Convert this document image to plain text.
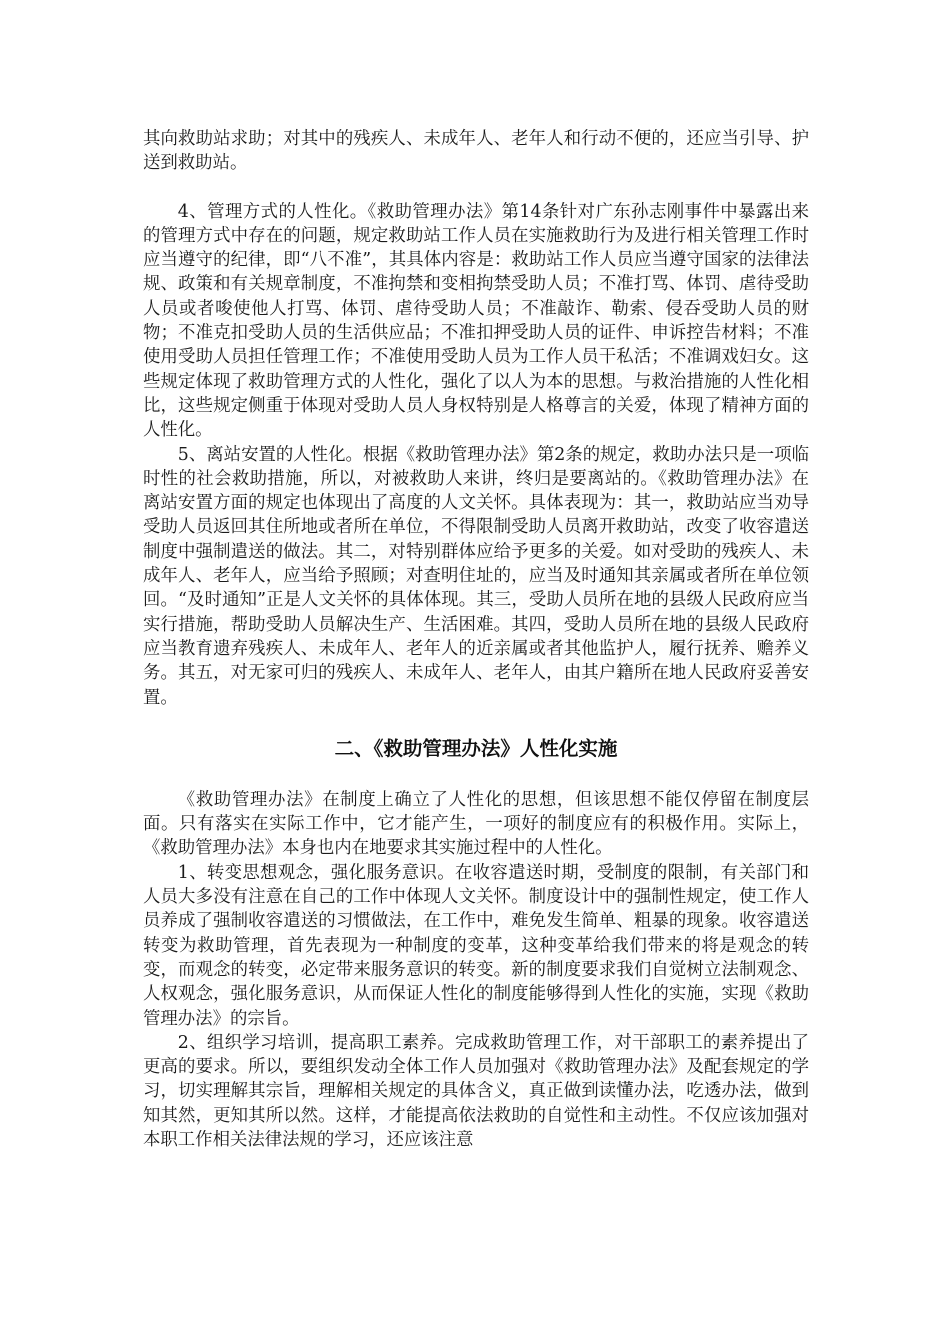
其向救助站求助；对其中的残疾人、未成年人、老年人和行动不便的，还应当引导、护送到救助站。

4、管理方式的人性化。《救助管理办法》第14条针对广东孙志刚事件中暴露出来的管理方式中存在的问题，规定救助站工作人员在实施救助行为及进行相关管理工作时应当遵守的纪律，即“八不准”，其具体内容是：救助站工作人员应当遵守国家的法律法规、政策和有关规章制度，不准拘禁和变相拘禁受助人员；不准打骂、体罚、虐待受助人员或者唆使他人打骂、体罚、虐待受助人员；不准敲诈、勒索、侵吞受助人员的财物；不准克扣受助人员的生活供应品；不准扣押受助人员的证件、申诉控告材料；不准使用受助人员担任管理工作；不准使用受助人员为工作人员干私活；不准调戏妇女。这些规定体现了救助管理方式的人性化，强化了以人为本的思想。与救治措施的人性化相比，这些规定侧重于体现对受助人员人身权特别是人格尊言的关爱，体现了精神方面的人性化。

5、离站安置的人性化。根据《救助管理办法》第2条的规定，救助办法只是一项临时性的社会救助措施，所以，对被救助人来讲，终归是要离站的。《救助管理办法》在离站安置方面的规定也体现出了高度的人文关怀。具体表现为：其一，救助站应当劝导受助人员返回其住所地或者所在单位，不得限制受助人员离开救助站，改变了收容遣送制度中强制遣送的做法。其二，对特别群体应给予更多的关爱。如对受助的残疾人、未成年人、老年人，应当给予照顾；对查明住址的，应当及时通知其亲属或者所在单位领回。“及时通知”正是人文关怀的具体体现。其三，受助人员所在地的县级人民政府应当实行措施，帮助受助人员解决生产、生活困难。其四，受助人员所在地的县级人民政府应当教育遗弃残疾人、未成年人、老年人的近亲属或者其他监护人，履行抚养、赡养义务。其五，对无家可归的残疾人、未成年人、老年人，由其户籍所在地人民政府妥善安置。

二、《救助管理办法》人性化实施

《救助管理办法》在制度上确立了人性化的思想，但该思想不能仅停留在制度层面。只有落实在实际工作中，它才能产生，一项好的制度应有的积极作用。实际上，《救助管理办法》本身也内在地要求其实施过程中的人性化。

1、转变思想观念，强化服务意识。在收容遣送时期，受制度的限制，有关部门和人员大多没有注意在自己的工作中体现人文关怀。制度设计中的强制性规定，使工作人员养成了强制收容遣送的习惯做法，在工作中，难免发生简单、粗暴的现象。收容遣送转变为救助管理，首先表现为一种制度的变革，这种变革给我们带来的将是观念的转变，而观念的转变，必定带来服务意识的转变。新的制度要求我们自觉树立法制观念、人权观念，强化服务意识，从而保证人性化的制度能够得到人性化的实施，实现《救助管理办法》的宗旨。

2、组织学习培训，提高职工素养。完成救助管理工作，对干部职工的素养提出了更高的要求。所以，要组织发动全体工作人员加强对《救助管理办法》及配套规定的学习，切实理解其宗旨，理解相关规定的具体含义，真正做到读懂办法，吃透办法，做到知其然，更知其所以然。这样，才能提高依法救助的自觉性和主动性。不仅应该加强对本职工作相关法律法规的学习，还应该注意
